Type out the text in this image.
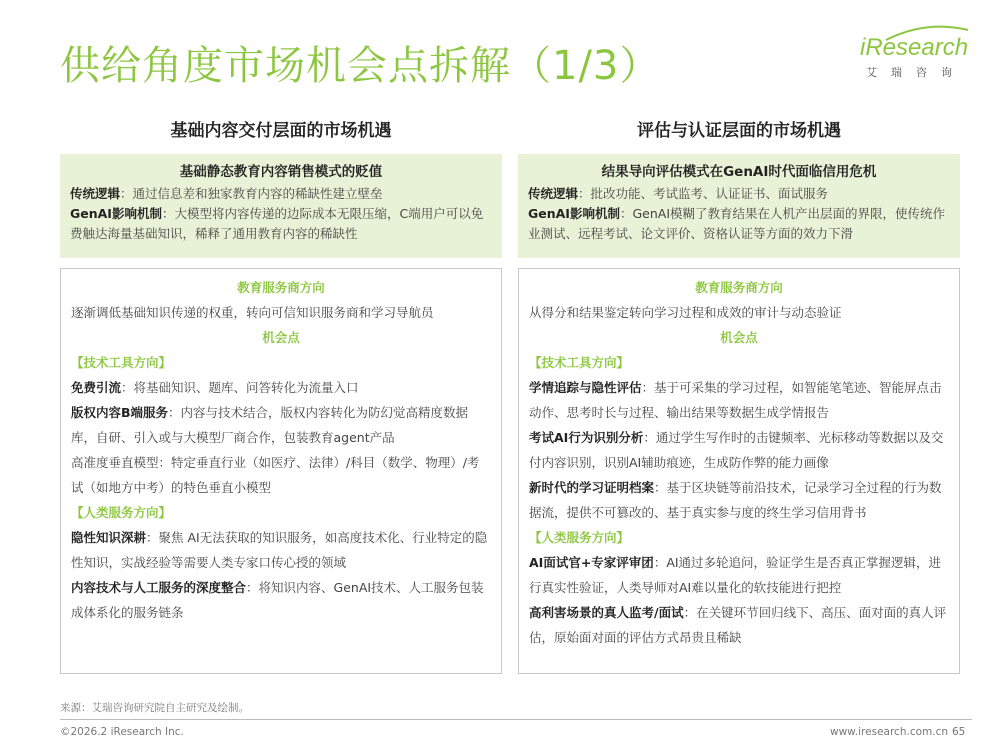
供给角度市场机会点拆解（1/3）	iResearch
艾瑞咨询
基础内容交付层面的市场机遇
基础静态教育内容销售模式的贬值
传统逻辑：通过信息差和独家教育内容的稀缺性建立壁垒
GenAI影响机制：大模型将内容传递的边际成本无限压缩，C端用户可以免费触达海量基础知识，稀释了通用教育内容的稀缺性
教育服务商方向
逐渐调低基础知识传递的权重，转向可信知识服务商和学习导航员
机会点
【技术工具方向】
免费引流：将基础知识、题库、问答转化为流量入口
版权内容B端服务：内容与技术结合，版权内容转化为防幻觉高精度数据库，自研、引入或与大模型厂商合作，包装教育agent产品
高准度垂直模型：特定垂直行业（如医疗、法律）/科目（数学、物理）/考试（如地方中考）的特色垂直小模型
【人类服务方向】
隐性知识深耕：聚焦 AI无法获取的知识服务，如高度技术化、行业特定的隐性知识，实战经验等需要人类专家口传心授的领域
内容技术与人工服务的深度整合：将知识内容、GenAI技术、人工服务包装成体系化的服务链条
评估与认证层面的市场机遇
结果导向评估模式在GenAI时代面临信用危机
传统逻辑：批改功能、考试监考、认证证书、面试服务
GenAI影响机制：GenAI模糊了教育结果在人机产出层面的界限，使传统作业测试、远程考试、论文评价、资格认证等方面的效力下滑
教育服务商方向
从得分和结果鉴定转向学习过程和成效的审计与动态验证
机会点
【技术工具方向】
学情追踪与隐性评估：基于可采集的学习过程，如智能笔笔迹、智能屏点击动作、思考时长与过程、输出结果等数据生成学情报告
考试AI行为识别分析：通过学生写作时的击键频率、光标移动等数据以及交付内容识别，识别AI辅助痕迹，生成防作弊的能力画像
新时代的学习证明档案：基于区块链等前沿技术，记录学习全过程的行为数据流，提供不可篡改的、基于真实参与度的终生学习信用背书
【人类服务方向】
AI面试官+专家评审团：AI通过多轮追问，验证学生是否真正掌握逻辑，进行真实性验证，人类导师对AI难以量化的软技能进行把控
高利害场景的真人监考/面试：在关键环节回归线下、高压、面对面的真人评估，原始面对面的评估方式昂贵且稀缺
来源：艾瑞咨询研究院自主研究及绘制。
©2026.2 iResearch Inc.	www.iresearch.com.cn 65
